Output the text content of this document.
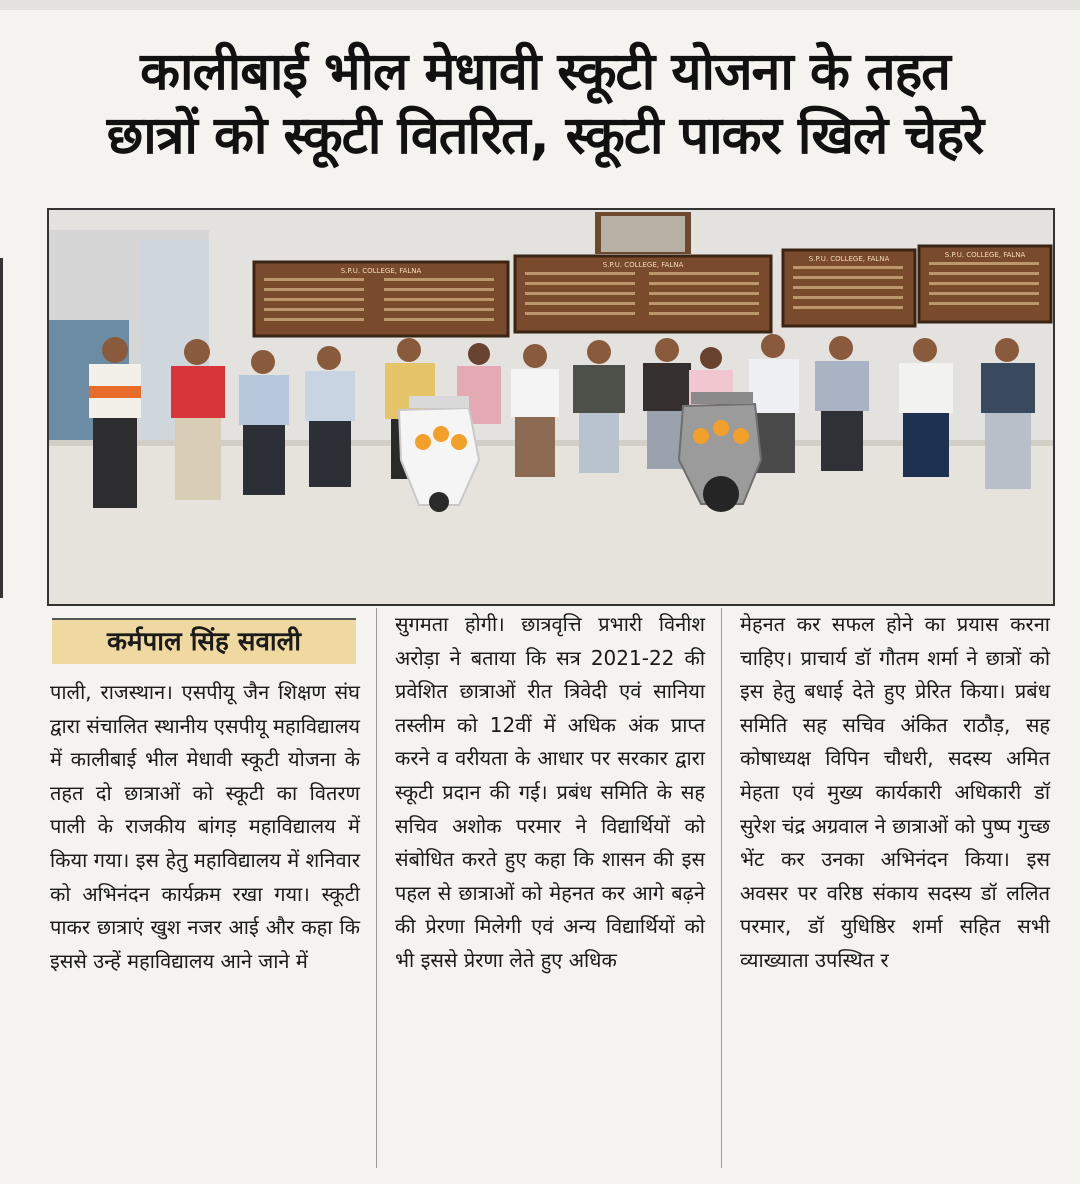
कालीबाई भील मेधावी स्कूटी योजना के तहत
छात्रों को स्कूटी वितरित, स्कूटी पाकर खिले चेहरे
S.P.U. COLLEGE, FALNA
S.P.U. COLLEGE, FALNA
S.P.U. COLLEGE, FALNA	S.P.U. COLLEGE, FALNA
कर्मपाल सिंह सवाली
पाली, राजस्थान। एसपीयू जैन शिक्षण संघ द्वारा संचालित स्थानीय एसपीयू महाविद्यालय में कालीबाई भील मेधावी स्कूटी योजना के तहत दो छात्राओं को स्कूटी का वितरण पाली के राजकीय बांगड़ महाविद्यालय में किया गया। इस हेतु महाविद्यालय में शनिवार को अभिनंदन कार्यक्रम रखा गया। स्कूटी पाकर छात्राएं खुश नजर आई और कहा कि इससे उन्हें महाविद्यालय आने जाने में
सुगमता होगी। छात्रवृत्ति प्रभारी विनीश अरोड़ा ने बताया कि सत्र 2021-22 की प्रवेशित छात्राओं रीत त्रिवेदी एवं सानिया तस्लीम को 12वीं में अधिक अंक प्राप्त करने व वरीयता के आधार पर सरकार द्वारा स्कूटी प्रदान की गई। प्रबंध समिति के सह सचिव अशोक परमार ने विद्यार्थियों को संबोधित करते हुए कहा कि शासन की इस पहल से छात्राओं को मेहनत कर आगे बढ़ने की प्रेरणा मिलेगी एवं अन्य विद्यार्थियों को भी इससे प्रेरणा लेते हुए अधिक
मेहनत कर सफल होने का प्रयास करना चाहिए। प्राचार्य डॉ गौतम शर्मा ने छात्रों को इस हेतु बधाई देते हुए प्रेरित किया। प्रबंध समिति सह सचिव अंकित राठौड़, सह कोषाध्यक्ष विपिन चौधरी, सदस्य अमित मेहता एवं मुख्य कार्यकारी अधिकारी डॉ सुरेश चंद्र अग्रवाल ने छात्राओं को पुष्प गुच्छ भेंट कर उनका अभिनंदन किया। इस अवसर पर वरिष्ठ संकाय सदस्य डॉ ललित परमार, डॉ युधिष्ठिर शर्मा सहित सभी व्याख्याता उपस्थित र
